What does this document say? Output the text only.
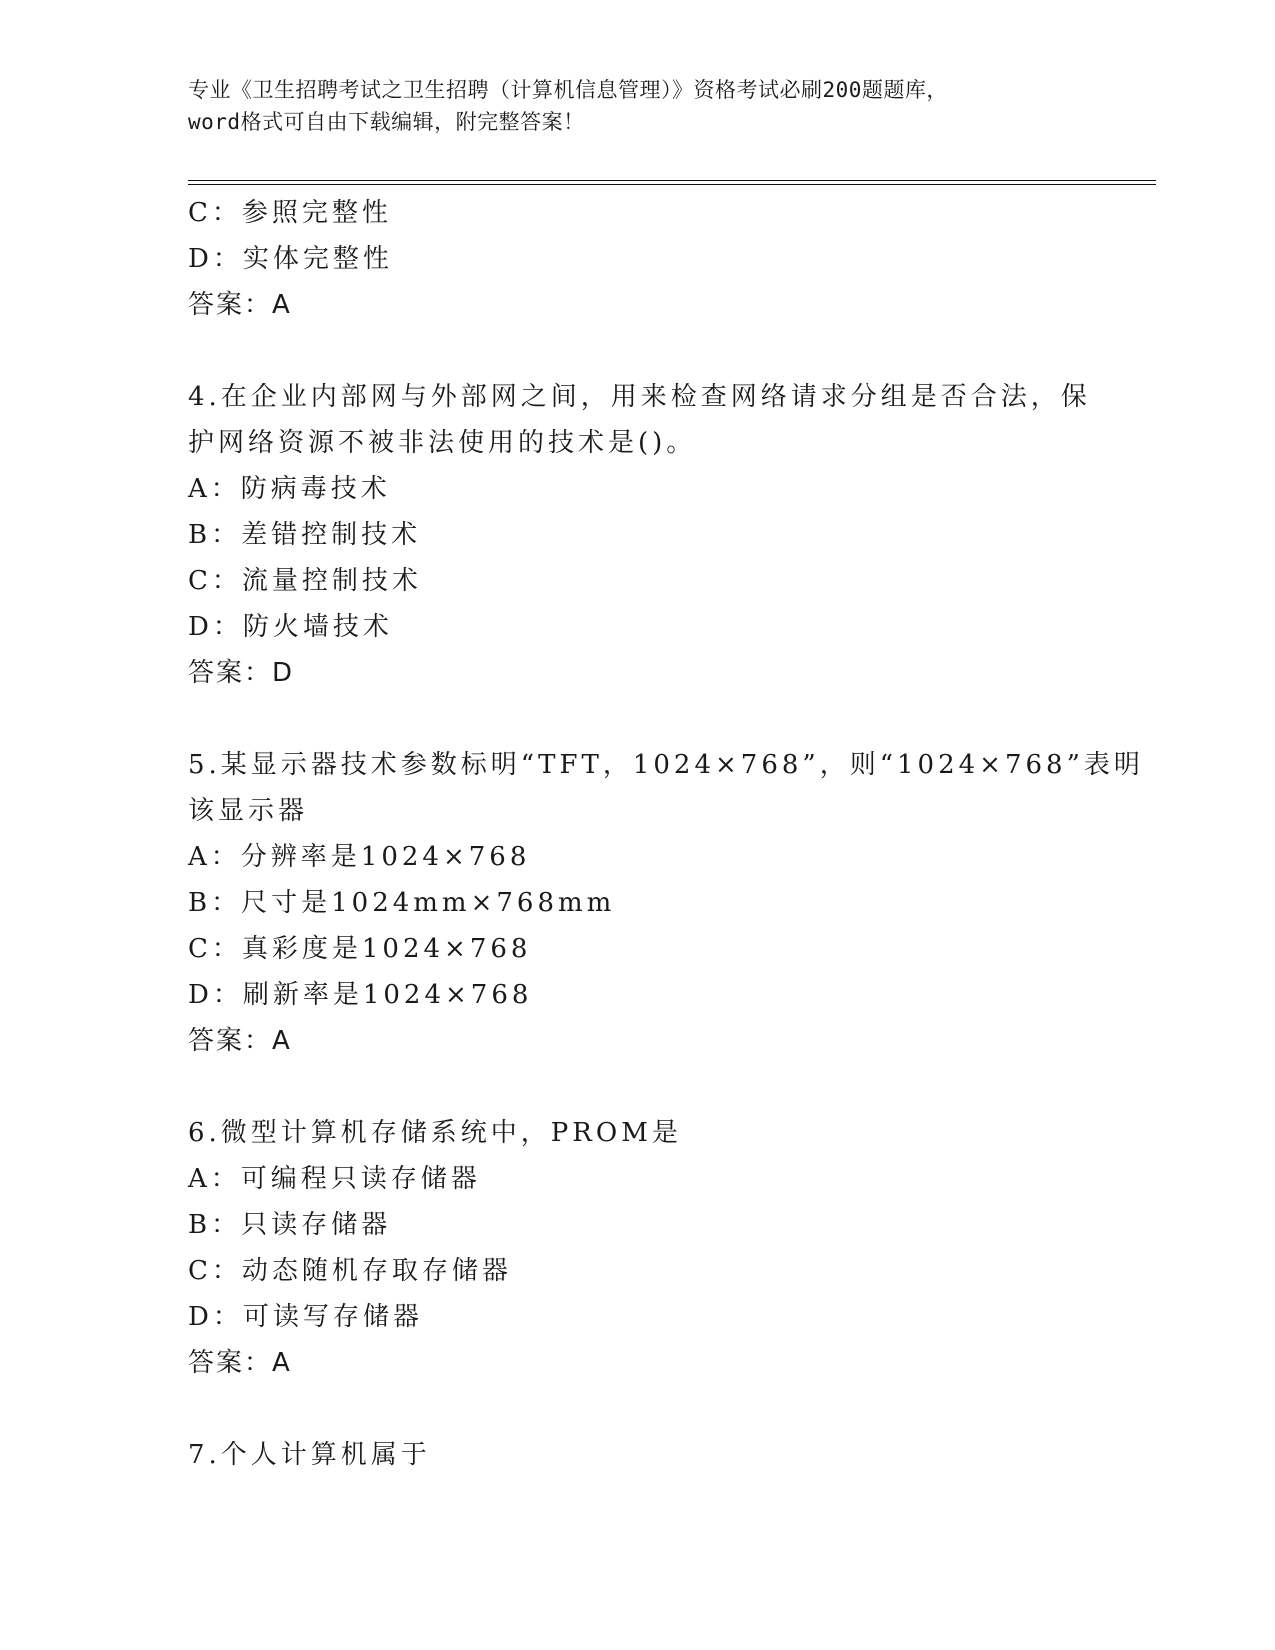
专业《卫生招聘考试之卫生招聘（计算机信息管理）》资格考试必刷200题题库，
word格式可自由下载编辑，附完整答案！
C：参照完整性
D：实体完整性
答案：A
4.在企业内部网与外部网之间，用来检查网络请求分组是否合法，保
护网络资源不被非法使用的技术是()。
A：防病毒技术
B：差错控制技术
C：流量控制技术
D：防火墙技术
答案：D
5.某显示器技术参数标明“TFT，1024×768”，则“1024×768”表明
该显示器
A：分辨率是1024×768
B：尺寸是1024mm×768mm
C：真彩度是1024×768
D：刷新率是1024×768
答案：A
6.微型计算机存储系统中，PROM是
A：可编程只读存储器
B：只读存储器
C：动态随机存取存储器
D：可读写存储器
答案：A
7.个人计算机属于
